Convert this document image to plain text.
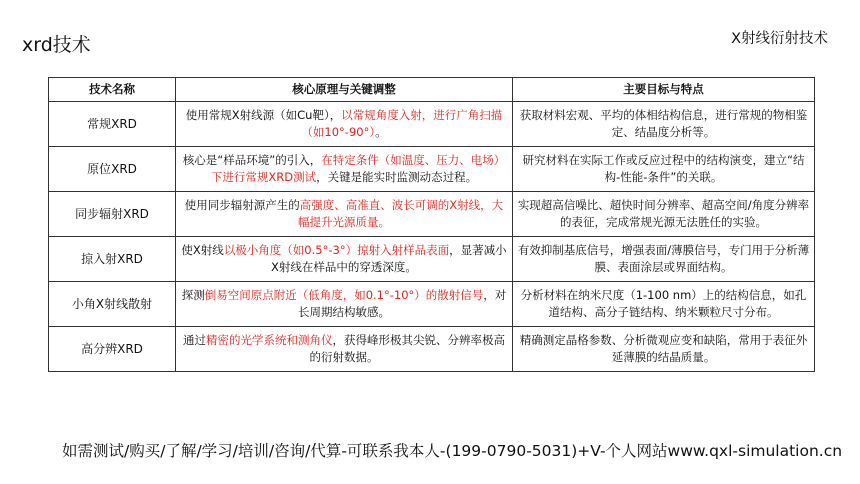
xrd技术	X射线衍射技术
技术名称	核心原理与关键调整	主要目标与特点
常规XRD	使用常规X射线源（如Cu靶），以常规角度入射，进行广角扫描（如10°-90°）。	获取材料宏观、平均的体相结构信息，进行常规的物相鉴定、结晶度分析等。
原位XRD	核心是“样品环境”的引入，在特定条件（如温度、压力、电场）下进行常规XRD测试，关键是能实时监测动态过程。	研究材料在实际工作或反应过程中的结构演变，建立“结构-性能-条件”的关联。
同步辐射XRD	使用同步辐射源产生的高强度、高准直、波长可调的X射线，大幅提升光源质量。	实现超高信噪比、超快时间分辨率、超高空间/角度分辨率的表征，完成常规光源无法胜任的实验。
掠入射XRD	使X射线以极小角度（如0.5°-3°）掠射入射样品表面，显著减小X射线在样品中的穿透深度。	有效抑制基底信号，增强表面/薄膜信号，专门用于分析薄膜、表面涂层或界面结构。
小角X射线散射	探测倒易空间原点附近（低角度，如0.1°-10°）的散射信号，对长周期结构敏感。	分析材料在纳米尺度（1-100 nm）上的结构信息，如孔道结构、高分子链结构、纳米颗粒尺寸分布。
高分辨XRD	通过精密的光学系统和测角仪，获得峰形极其尖锐、分辨率极高的衍射数据。	精确测定晶格参数、分析微观应变和缺陷，常用于表征外延薄膜的结晶质量。
如需测试/购买/了解/学习/培训/咨询/代算-可联系我本人-(199-0790-5031)+V-个人网站www.qxl-simulation.cn
